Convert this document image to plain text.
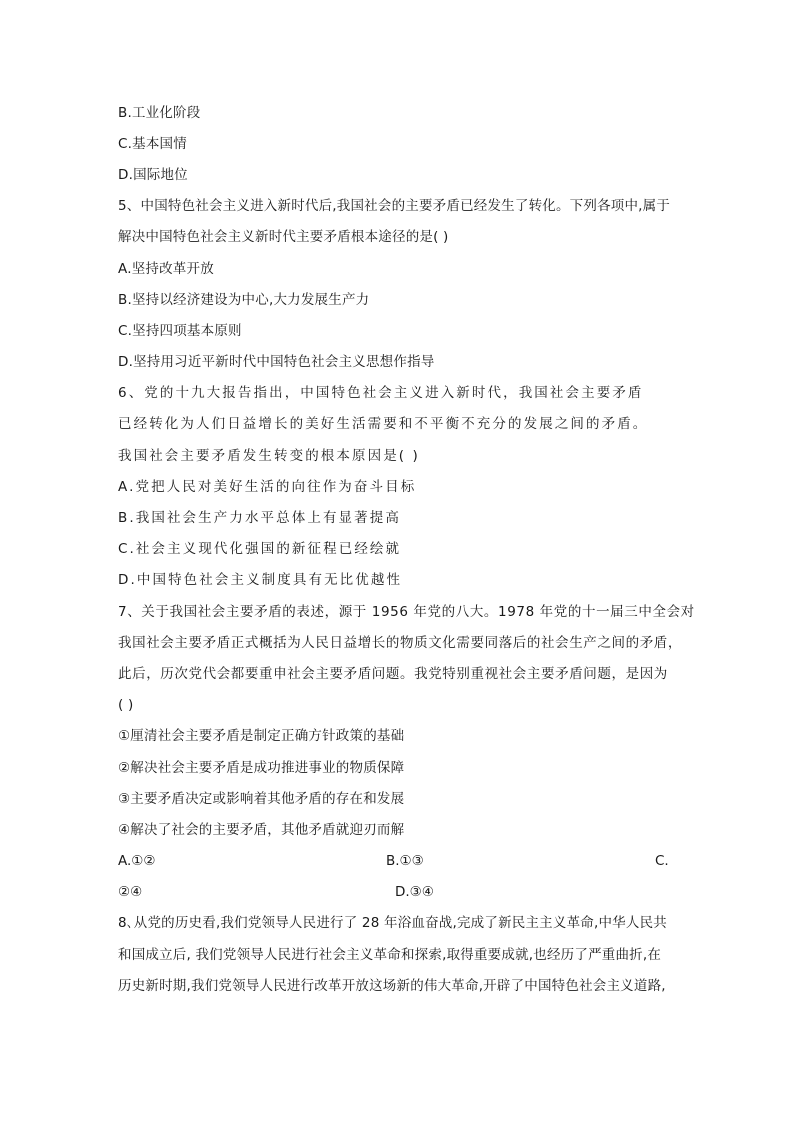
B.工业化阶段
C.基本国情
D.国际地位
5、中国特色社会主义进入新时代后,我国社会的主要矛盾已经发生了转化。下列各项中,属于
解决中国特色社会主义新时代主要矛盾根本途径的是( )
A.坚持改革开放
B.坚持以经济建设为中心,大力发展生产力
C.坚持四项基本原则
D.坚持用习近平新时代中国特色社会主义思想作指导
6、党的十九大报告指出，中国特色社会主义进入新时代，我国社会主要矛盾
已经转化为人们日益增长的美好生活需要和不平衡不充分的发展之间的矛盾。
我国社会主要矛盾发生转变的根本原因是( )
A.党把人民对美好生活的向往作为奋斗目标
B.我国社会生产力水平总体上有显著提高
C.社会主义现代化强国的新征程已经绘就
D.中国特色社会主义制度具有无比优越性
7、关于我国社会主要矛盾的表述，源于 1956 年党的八大。1978 年党的十一届三中全会对
我国社会主要矛盾正式概括为人民日益增长的物质文化需要同落后的社会生产之间的矛盾，
此后，历次党代会都要重申社会主要矛盾问题。我党特别重视社会主要矛盾问题，是因为
( )
①厘清社会主要矛盾是制定正确方针政策的基础
②解决社会主要矛盾是成功推进事业的物质保障
③主要矛盾决定或影响着其他矛盾的存在和发展
④解决了社会的主要矛盾，其他矛盾就迎刃而解
A.①②	B.①③	C.
②④	D.③④
8､从党的历史看,我们党领导人民进行了 28 年浴血奋战,完成了新民主主义革命,中华人民共
和国成立后, 我们党领导人民进行社会主义革命和探索,取得重要成就,也经历了严重曲折,在
历史新时期,我们党领导人民进行改革开放这场新的伟大革命,开辟了中国特色社会主义道路,
